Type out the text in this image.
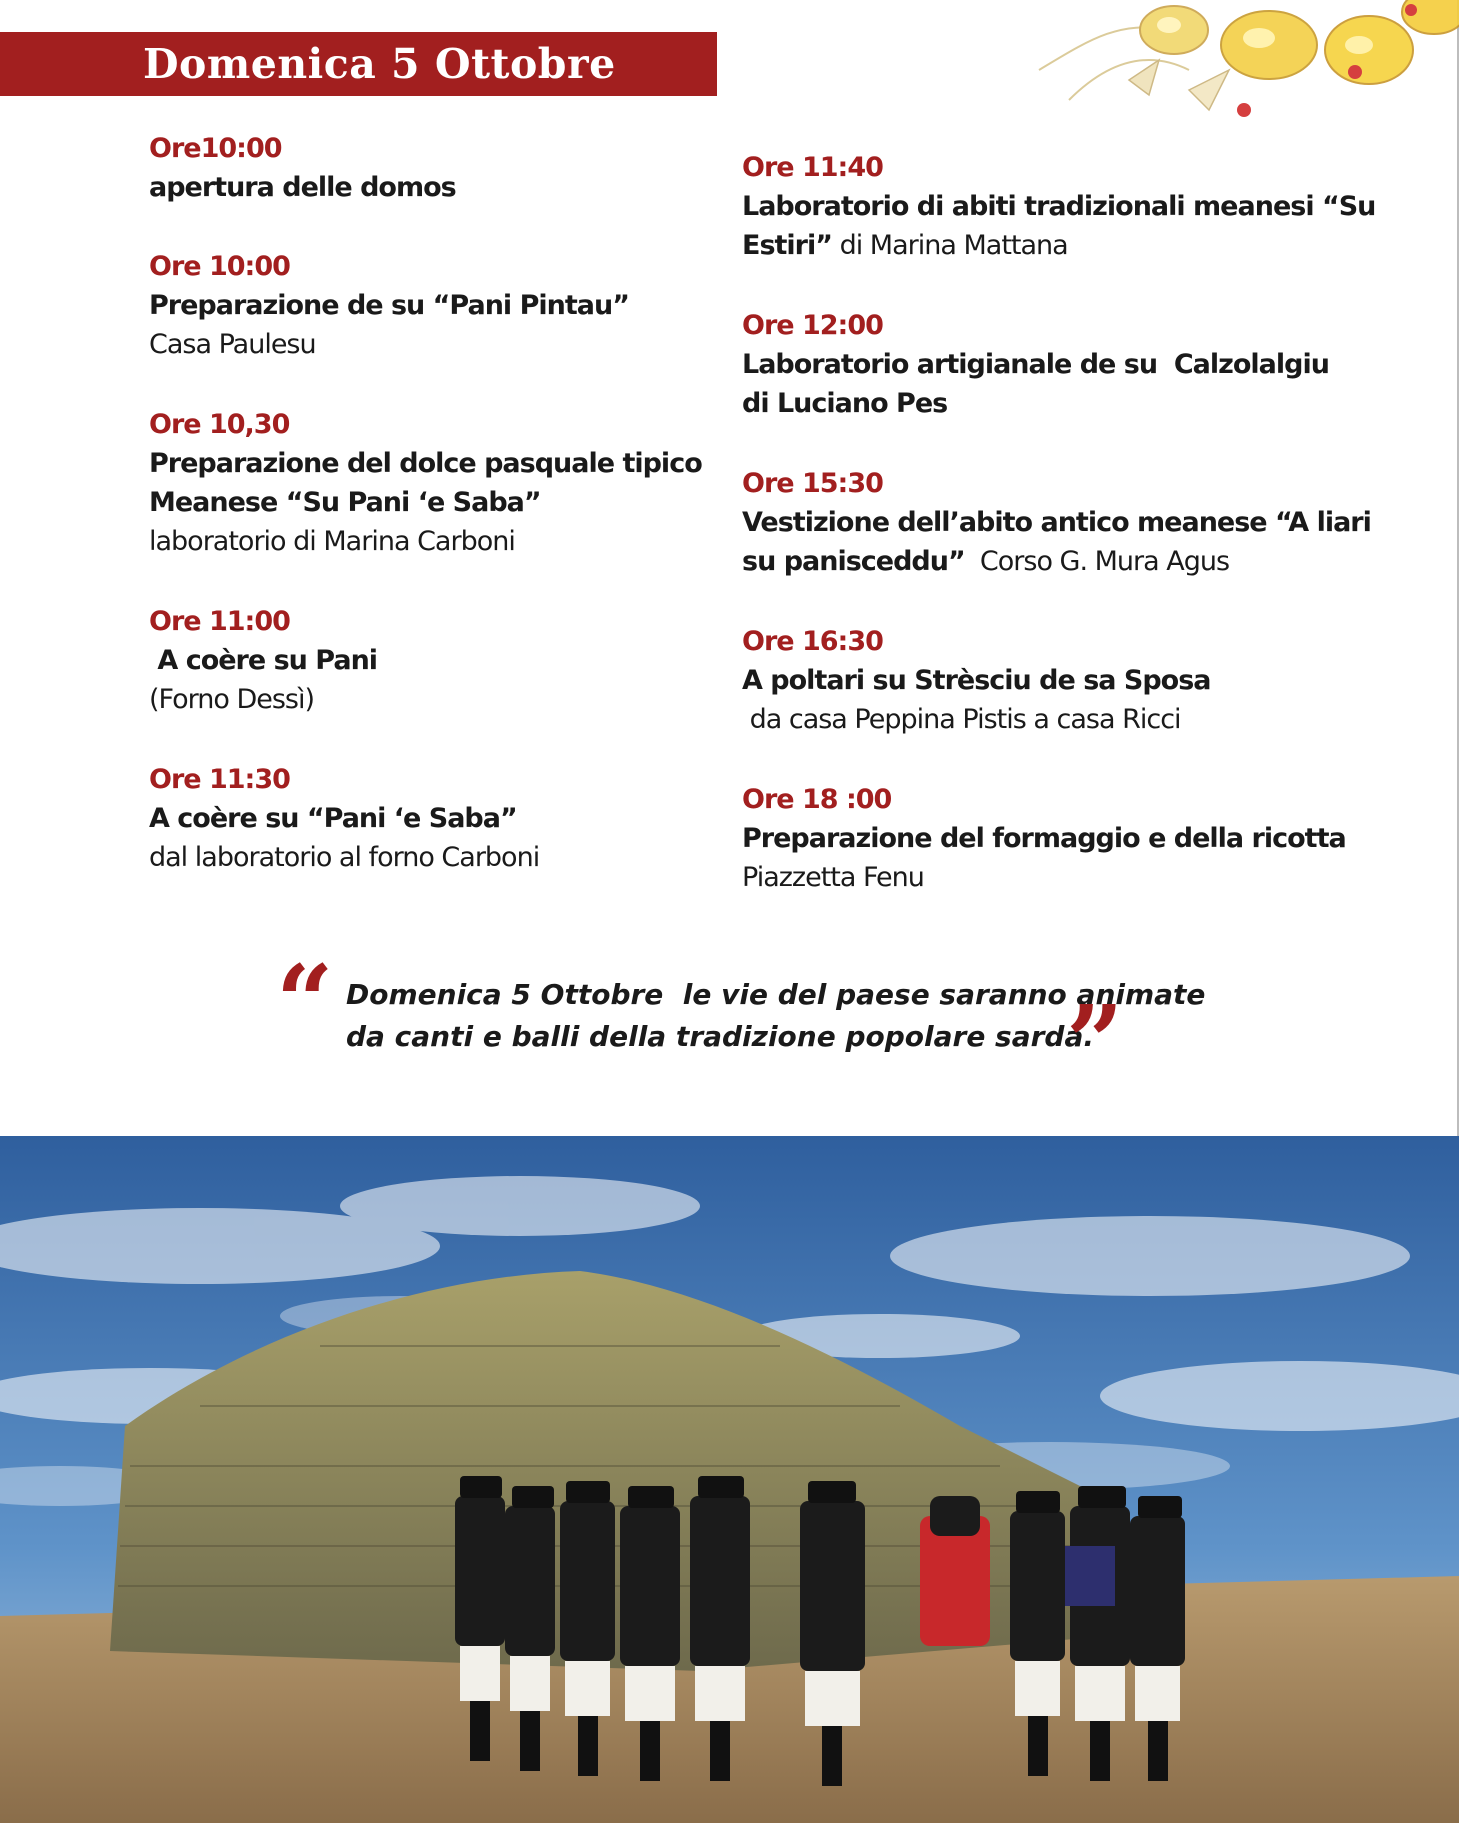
Domenica 5 Ottobre
Ore10:00
apertura delle domos
Ore 10:00
Preparazione de su “Pani Pintau”
Casa Paulesu
Ore 10,30
Preparazione del dolce pasquale tipico
Meanese “Su Pani ‘e Saba”
laboratorio di Marina Carboni
Ore 11:00
A coère su Pani
(Forno Dessì)
Ore 11:30
A coère su “Pani ‘e Saba”
dal laboratorio al forno Carboni
Ore 11:40
Laboratorio di abiti tradizionali meanesi “Su
Estiri” di Marina Mattana
Ore 12:00
Laboratorio artigianale de su  Calzolalgiu
di Luciano Pes
Ore 15:30
Vestizione dell’abito antico meanese “A liari
su panisceddu”  Corso G. Mura Agus
Ore 16:30
A poltari su Strèsciu de sa Sposa
da casa Peppina Pistis a casa Ricci
Ore 18 :00
Preparazione del formaggio e della ricotta
Piazzetta Fenu
“ Domenica 5 Ottobre  le vie del paese saranno animate
da canti e balli della tradizione popolare sarda.
”
